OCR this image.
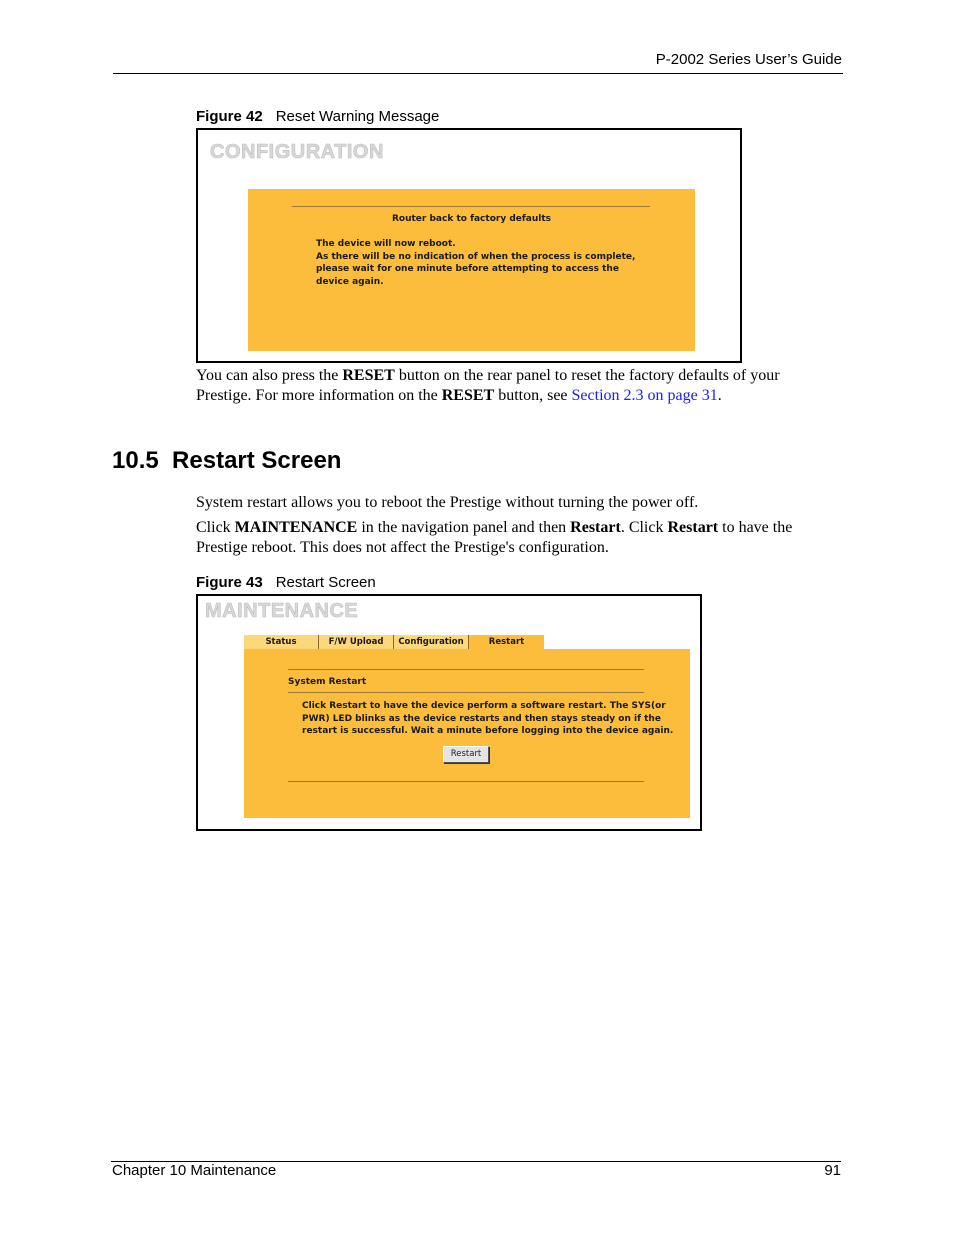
P-2002 Series User’s Guide
Figure 42 Reset Warning Message
CONFIGURATION
Router back to factory defaults
The device will now reboot.
As there will be no indication of when the process is complete,
please wait for one minute before attempting to access the
device again.
You can also press the RESET button on the rear panel to reset the factory defaults of your
Prestige. For more information on the RESET button, see Section 2.3 on page 31.
10.5  Restart Screen
System restart allows you to reboot the Prestige without turning the power off.
Click MAINTENANCE in the navigation panel and then Restart. Click Restart to have the
Prestige reboot. This does not affect the Prestige's configuration.
Figure 43 Restart Screen
MAINTENANCE
Status	F/W Upload	Configuration	Restart
System Restart
Click Restart to have the device perform a software restart. The SYS(or
PWR) LED blinks as the device restarts and then stays steady on if the
restart is successful. Wait a minute before logging into the device again.
Restart
Chapter 10 Maintenance	91
